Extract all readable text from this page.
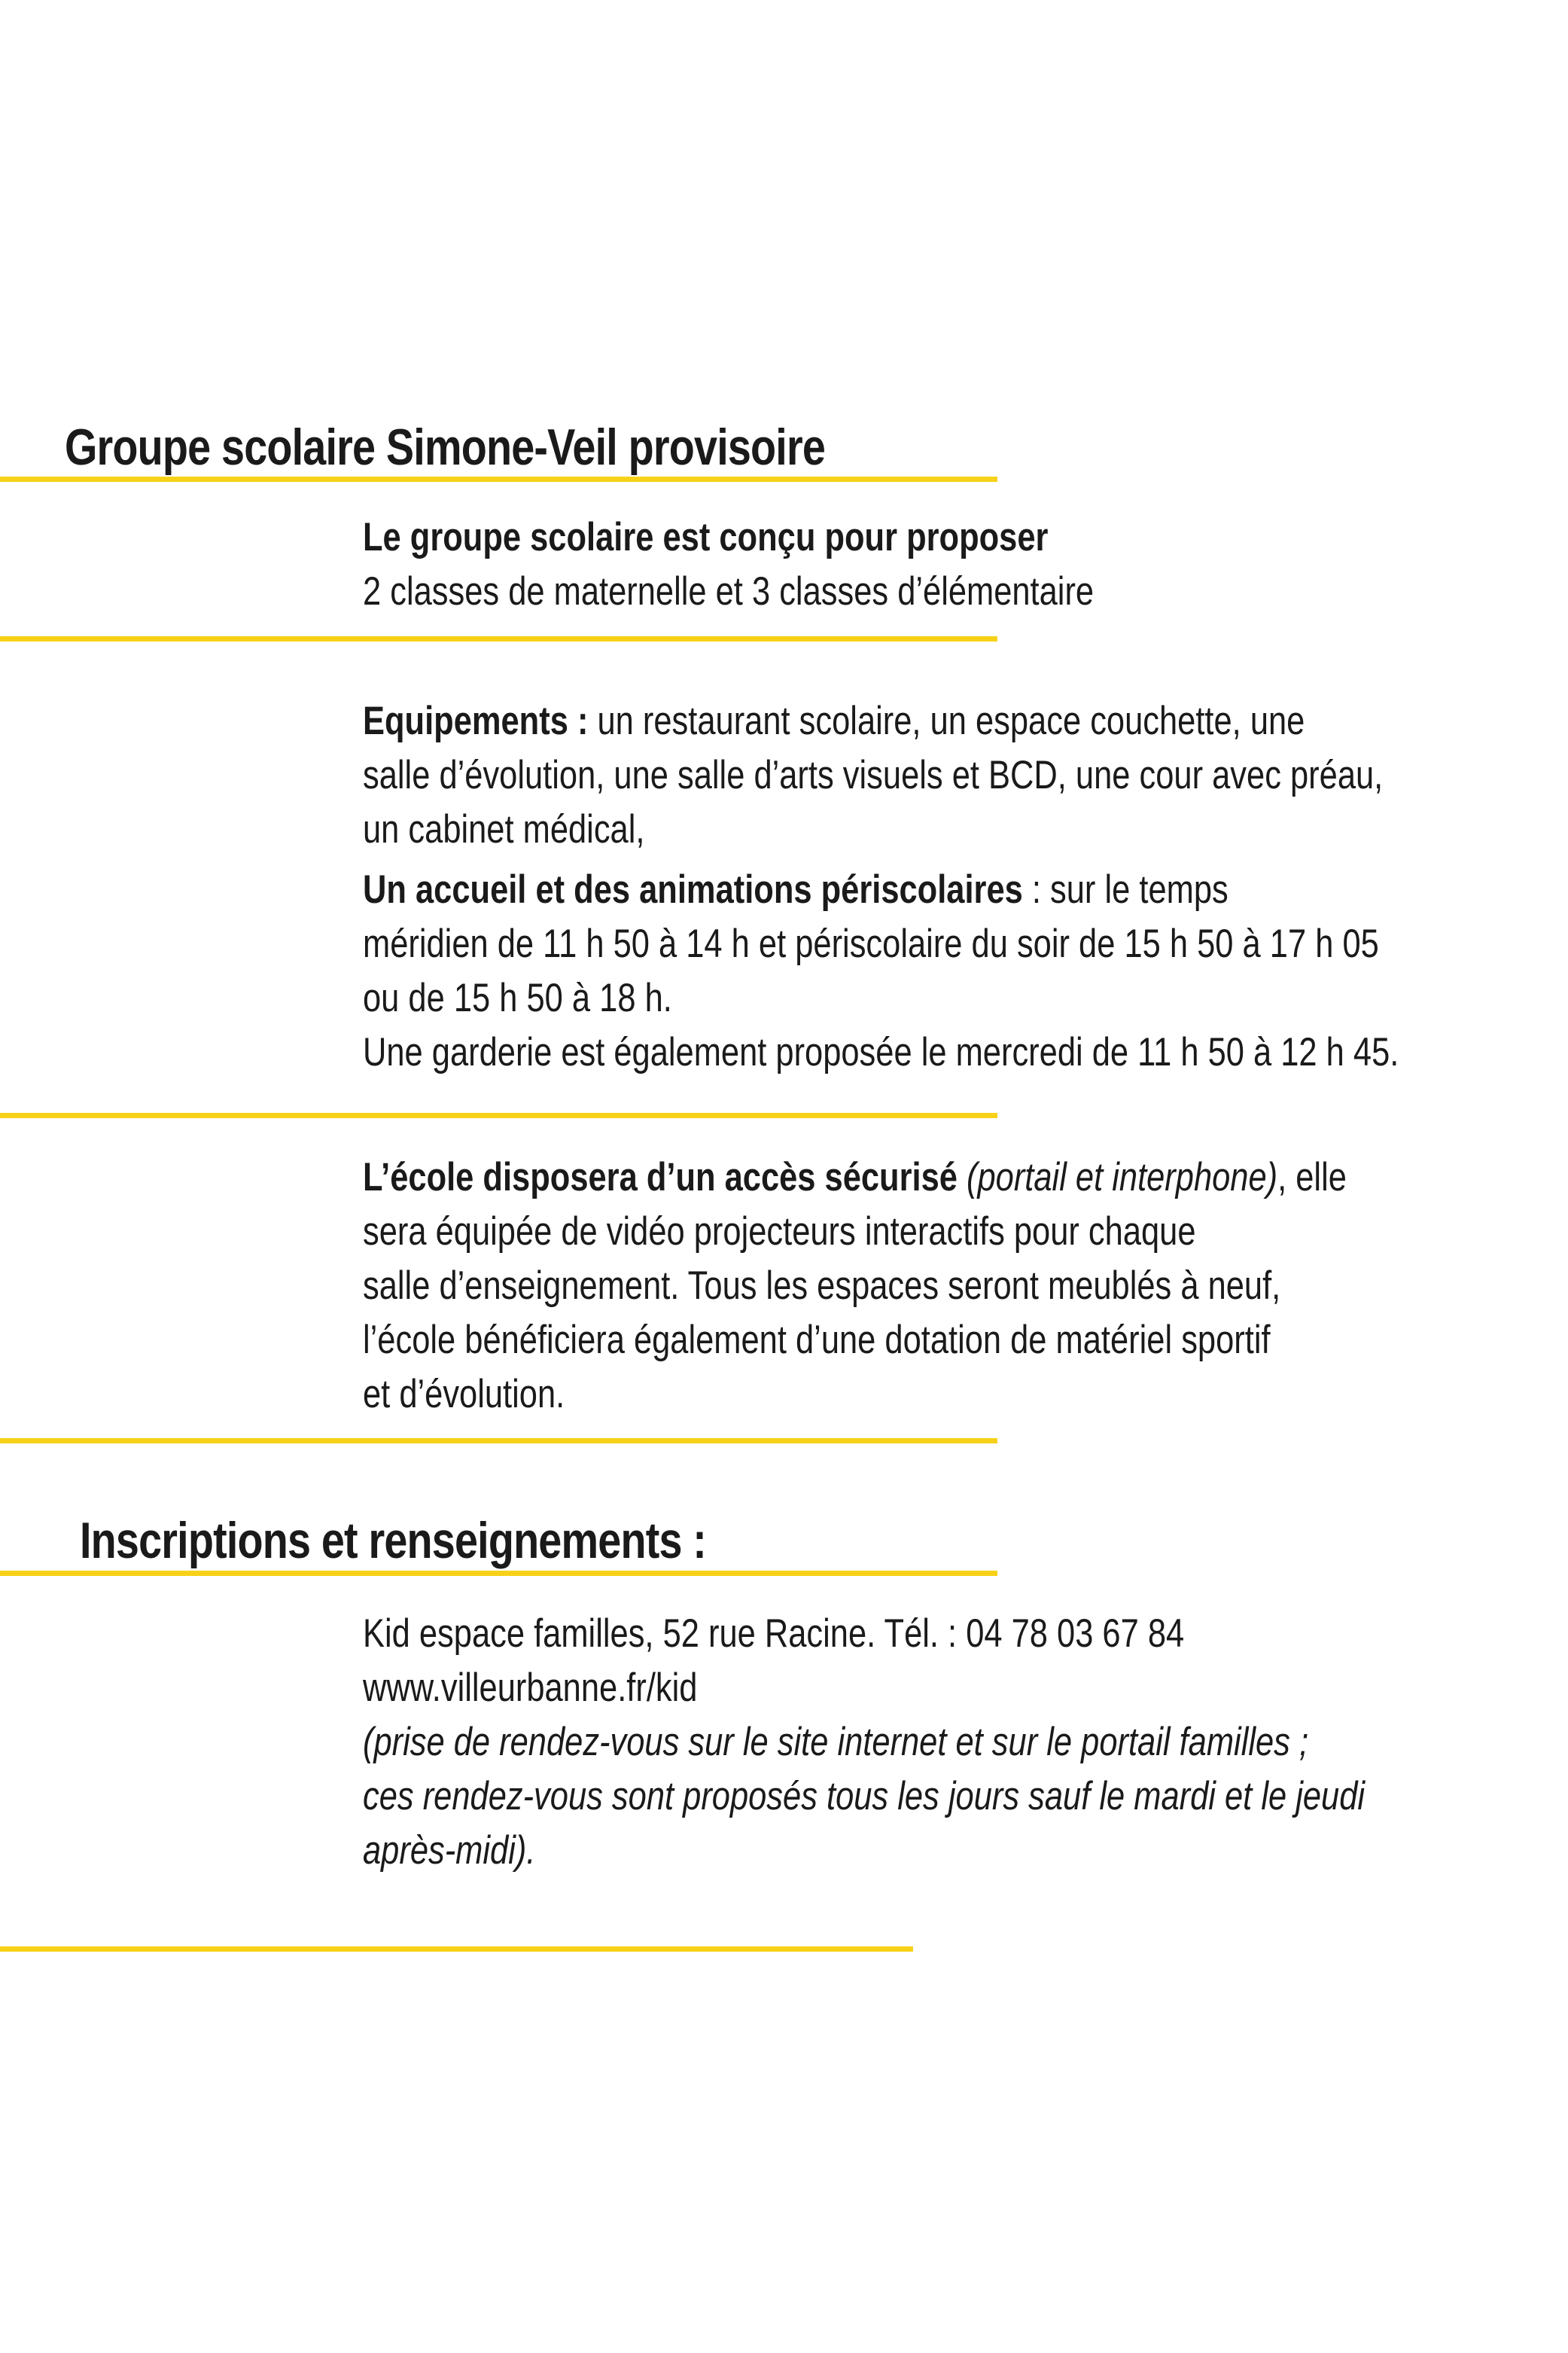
Groupe scolaire Simone-Veil provisoire

Le groupe scolaire est conçu pour proposer

2 classes de maternelle et 3 classes d’élémentaire

Equipements : un restaurant scolaire, un espace couchette, une

salle d’évolution, une salle d’arts visuels et BCD, une cour avec préau,

un cabinet médical,

Un accueil et des animations périscolaires : sur le temps

méridien de 11 h 50 à 14 h et périscolaire du soir de 15 h 50 à 17 h 05

ou de 15 h 50 à 18 h.

Une garderie est également proposée le mercredi de 11 h 50 à 12 h 45.

L’école disposera d’un accès sécurisé (portail et interphone), elle

sera équipée de vidéo projecteurs interactifs pour chaque

salle d’enseignement. Tous les espaces seront meublés à neuf,

l’école bénéficiera également d’une dotation de matériel sportif

et d’évolution.

Inscriptions et renseignements :

Kid espace familles, 52 rue Racine. Tél. : 04 78 03 67 84

www.villeurbanne.fr/kid

(prise de rendez-vous sur le site internet et sur le portail familles ;

ces rendez-vous sont proposés tous les jours sauf le mardi et le jeudi

après-midi).
